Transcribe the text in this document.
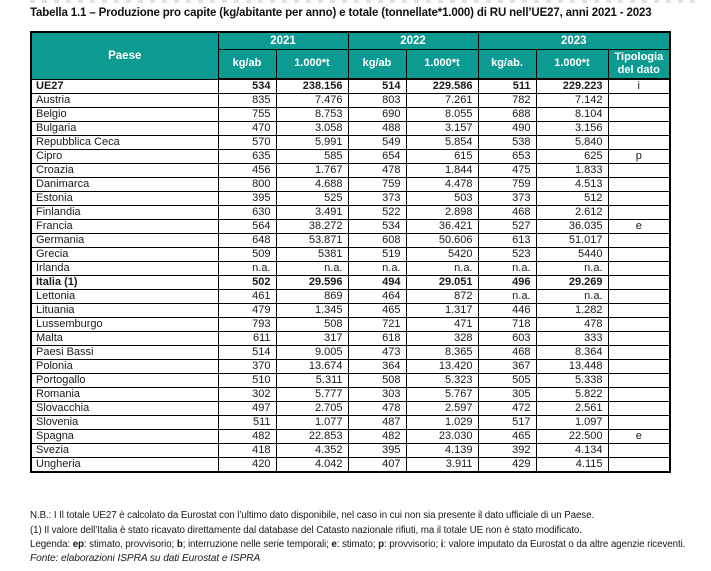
Tabella 1.1 – Produzione pro capite (kg/abitante per anno) e totale (tonnellate*1.000) di RU nell’UE27, anni 2021 - 2023
Paese	2021		2022		2023		
	kg/ab	1.000*t	kg/ab	1.000*t	kg/ab.	1.000*t	Tipologia del dato
UE27	534	238.156	514	229.586	511	229.223	i
Austria	835	7.476	803	7.261	782	7.142	
Belgio	755	8.753	690	8.055	688	8.104	
Bulgaria	470	3.058	488	3.157	490	3.156	
Repubblica Ceca	570	5.991	549	5.854	538	5.840	
Cipro	635	585	654	615	653	625	p
Croazia	456	1.767	478	1.844	475	1.833	
Danimarca	800	4.688	759	4.478	759	4.513	
Estonia	395	525	373	503	373	512	
Finlandia	630	3.491	522	2.898	468	2.612	
Francia	564	38.272	534	36.421	527	36.035	e
Germania	648	53.871	608	50.606	613	51.017	
Grecia	509	5381	519	5420	523	5440	
Irlanda	n.a.	n.a.	n.a.	n.a.	n.a.	n.a.	
Italia (1)	502	29.596	494	29.051	496	29.269	
Lettonia	461	869	464	872	n.a.	n.a.	
Lituania	479	1.345	465	1.317	446	1.282	
Lussemburgo	793	508	721	471	718	478	
Malta	611	317	618	328	603	333	
Paesi Bassi	514	9.005	473	8.365	468	8.364	
Polonia	370	13.674	364	13.420	367	13.448	
Portogallo	510	5.311	508	5.323	505	5.338	
Romania	302	5.777	303	5.767	305	5.822	
Slovacchia	497	2.705	478	2.597	472	2.561	
Slovenia	511	1.077	487	1.029	517	1.097	
Spagna	482	22.853	482	23.030	465	22.500	e
Svezia	418	4.352	395	4.139	392	4.134	
Ungheria	420	4.042	407	3.911	429	4.115	

N.B.: I Il totale UE27 è calcolato da Eurostat con l’ultimo dato disponibile, nel caso in cui non sia presente il dato ufficiale di un Paese.

(1) Il valore dell’Italia è stato ricavato direttamente dal database del Catasto nazionale rifiuti, ma il totale UE non è stato modificato.

Legenda: ep: stimato, provvisorio; b; interruzione nelle serie temporali; e: stimato; p: provvisorio; i: valore imputato da Eurostat o da altre agenzie riceventi.

Fonte: elaborazioni ISPRA su dati Eurostat e ISPRA
